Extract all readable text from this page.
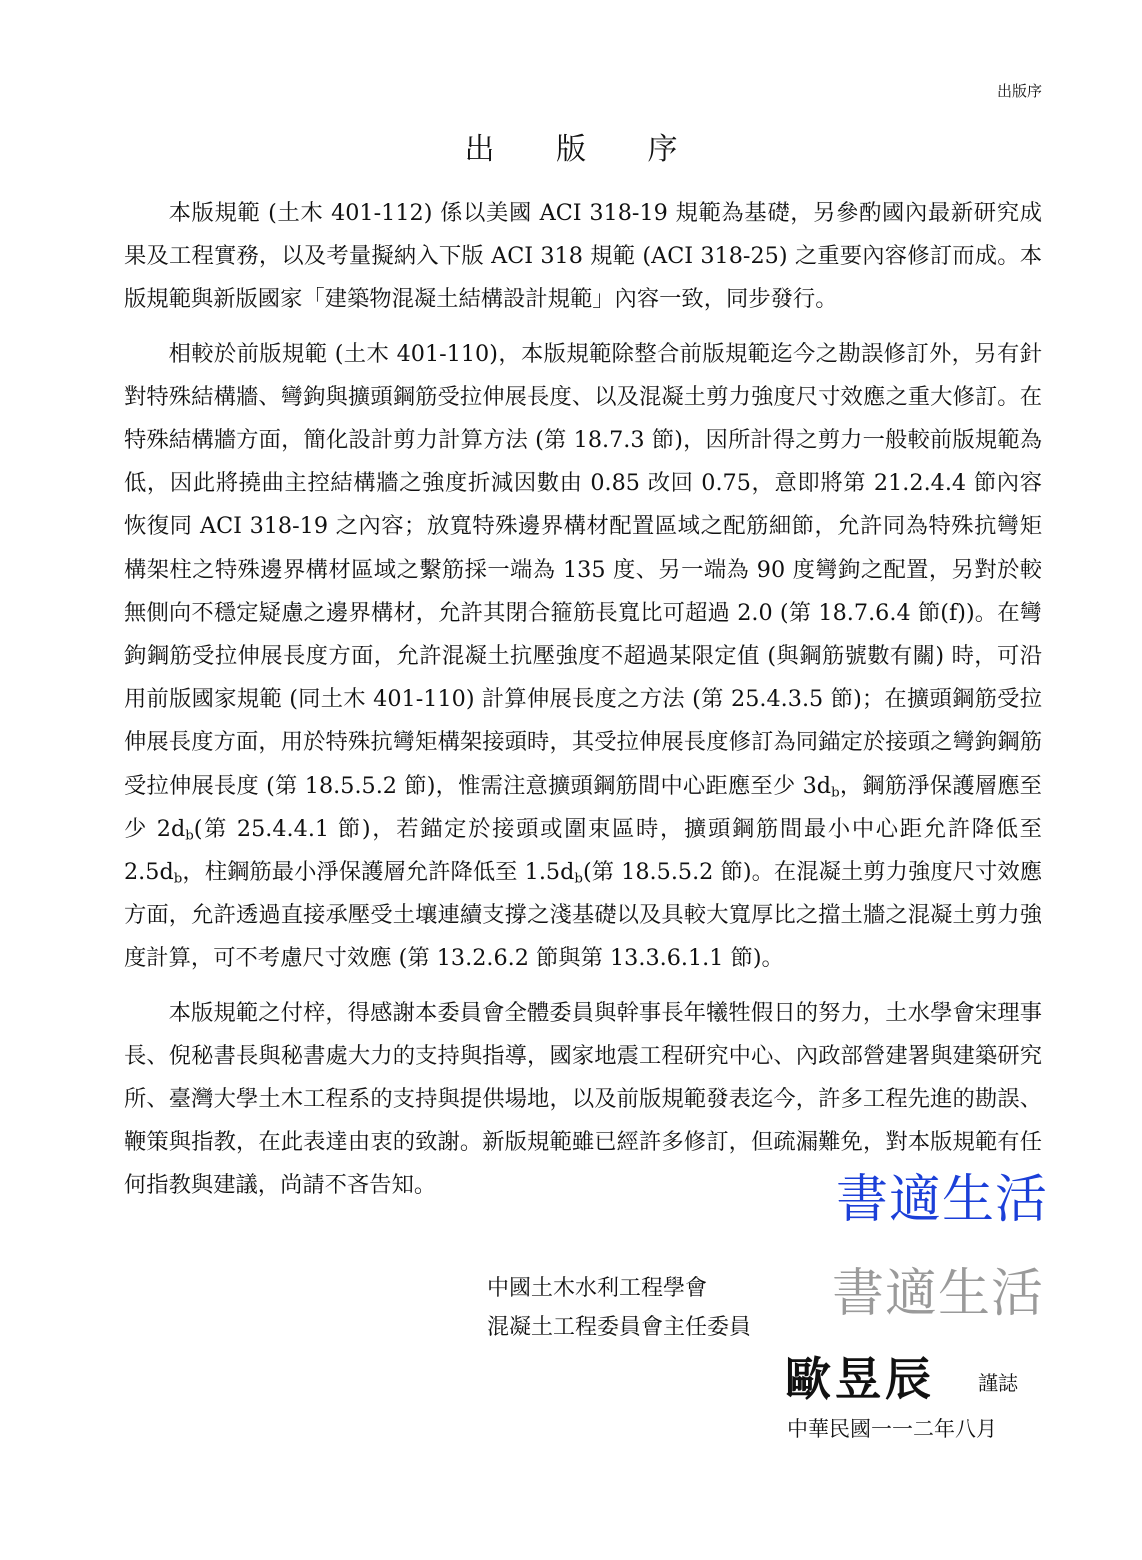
出版序
出 版 序

本版規範 (土木 401-112) 係以美國 ACI 318-19 規範為基礎，另參酌國內最新研究成果及工程實務，以及考量擬納入下版 ACI 318 規範 (ACI 318-25) 之重要內容修訂而成。本版規範與新版國家「建築物混凝土結構設計規範」內容一致，同步發行。

相較於前版規範 (土木 401-110)，本版規範除整合前版規範迄今之勘誤修訂外，另有針對特殊結構牆、彎鉤與擴頭鋼筋受拉伸展長度、以及混凝土剪力強度尺寸效應之重大修訂。在特殊結構牆方面，簡化設計剪力計算方法 (第 18.7.3 節)，因所計得之剪力一般較前版規範為低，因此將撓曲主控結構牆之強度折減因數由 0.85 改回 0.75，意即將第 21.2.4.4 節內容恢復同 ACI 318-19 之內容；放寬特殊邊界構材配置區域之配筋細節，允許同為特殊抗彎矩構架柱之特殊邊界構材區域之繫筋採一端為 135 度、另一端為 90 度彎鉤之配置，另對於較無側向不穩定疑慮之邊界構材，允許其閉合箍筋長寬比可超過 2.0 (第 18.7.6.4 節(f))。在彎鉤鋼筋受拉伸展長度方面，允許混凝土抗壓強度不超過某限定值 (與鋼筋號數有關) 時，可沿用前版國家規範 (同土木 401-110) 計算伸展長度之方法 (第 25.4.3.5 節)；在擴頭鋼筋受拉伸展長度方面，用於特殊抗彎矩構架接頭時，其受拉伸展長度修訂為同錨定於接頭之彎鉤鋼筋受拉伸展長度 (第 18.5.5.2 節)，惟需注意擴頭鋼筋間中心距應至少 $3d_b$，鋼筋淨保護層應至少 $2d_b$(第 25.4.4.1 節)，若錨定於接頭或圍束區時，擴頭鋼筋間最小中心距允許降低至 $2.5d_b$，柱鋼筋最小淨保護層允許降低至 $1.5d_b$(第 18.5.5.2 節)。在混凝土剪力強度尺寸效應方面，允許透過直接承壓受土壤連續支撐之淺基礎以及具較大寬厚比之擋土牆之混凝土剪力強度計算，可不考慮尺寸效應 (第 13.2.6.2 節與第 13.3.6.1.1 節)。

本版規範之付梓，得感謝本委員會全體委員與幹事長年犧牲假日的努力，土水學會宋理事長、倪秘書長與秘書處大力的支持與指導，國家地震工程研究中心、內政部營建署與建築研究所、臺灣大學土木工程系的支持與提供場地，以及前版規範發表迄今，許多工程先進的勘誤、鞭策與指教，在此表達由衷的致謝。新版規範雖已經許多修訂，但疏漏難免，對本版規範有任何指教與建議，尚請不吝告知。

中國土木水利工程學會
混凝土工程委員會主任委員
歐昱辰 謹誌
中華民國一一二年八月
書適生活
書適生活
